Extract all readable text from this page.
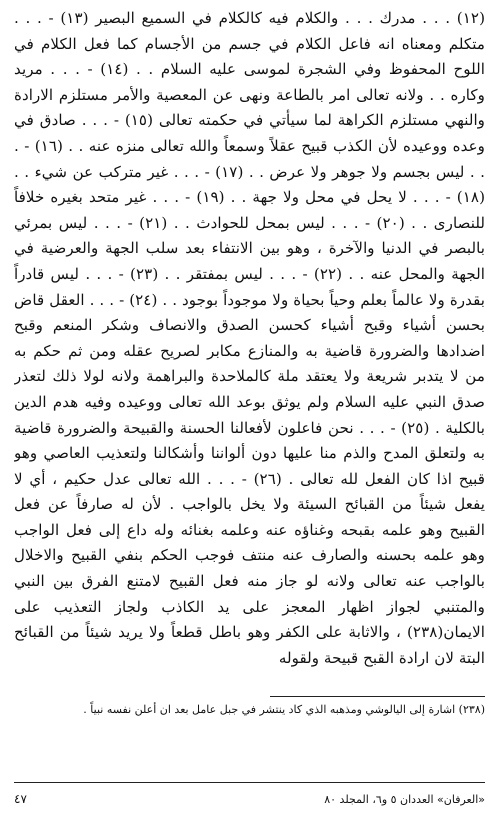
(١٢) . . . مدرك . . . والكلام فيه كالكلام في السميع البصير (١٣) - . . . متكلم ومعناه انه فاعل الكلام في جسم من الأجسام كما فعل الكلام في اللوح المحفوظ وفي الشجرة لموسى عليه السلام . . (١٤) - . . . مريد وكاره . . ولانه تعالى امر بالطاعة ونهى عن المعصية والأمر مستلزم الارادة والنهي مستلزم الكراهة لما سيأتي في حكمته تعالى (١٥) - . . . صادق في وعده ووعيده لأن الكذب قبيح عقلاً وسمعاً والله تعالى منزه عنه . . (١٦) - . . . ليس بجسم ولا جوهر ولا عرض . . (١٧) - . . . غير متركب عن شيء . . (١٨) - . . . لا يحل في محل ولا جهة . . (١٩) - . . . غير متحد بغيره خلافاً للنصارى . . (٢٠) - . . . ليس بمحل للحوادث . . (٢١) - . . . ليس بمرئي بالبصر في الدنيا والآخرة ، وهو بين الانتفاء بعد سلب الجهة والعرضية في الجهة والمحل عنه . . (٢٢) - . . . ليس بمفتقر . . (٢٣) - . . . ليس قادراً بقدرة ولا عالماً بعلم وحياً بحياة ولا موجوداً بوجود . . (٢٤) - . . . العقل قاض بحسن أشياء وقبح أشياء كحسن الصدق والانصاف وشكر المنعم وقبح اضدادها والضرورة قاضية به والمنازع مكابر لصريح عقله ومن ثم حكم به من لا يتدبر شريعة ولا يعتقد ملة كالملاحدة والبراهمة ولانه لولا ذلك لتعذر صدق النبي عليه السلام ولم يوثق بوعد الله تعالى ووعيده وفيه هدم الدين بالكلية . (٢٥) - . . . نحن فاعلون لأفعالنا الحسنة والقبيحة والضرورة قاضية به ولتعلق المدح والذم منا عليها دون ألواننا وأشكالنا ولتعذيب العاصي وهو قبيح اذا كان الفعل لله تعالى . (٢٦) - . . . الله تعالى عدل حكيم ، أي لا يفعل شيئاً من القبائح السيئة ولا يخل بالواجب . لأن له صارفاً عن فعل القبيح وهو علمه بقبحه وغناؤه عنه وعلمه بغنائه وله داع إلى فعل الواجب وهو علمه بحسنه والصارف عنه منتف فوجب الحكم بنفي القبيح والاخلال بالواجب عنه تعالى ولانه لو جاز منه فعل القبيح لامتنع الفرق بين النبي والمتنبي لجواز اظهار المعجز على يد الكاذب ولجاز التعذيب على الايمان(٢٣٨) ، والاثابة على الكفر وهو باطل قطعاً ولا يريد شيئاً من القبائح البتة لان ارادة القبح قبيحة ولقوله

(٢٣٨) اشارة إلى اليالوشي ومذهبه الذي كاد ينتشر في جبل عامل بعد ان أعلن نفسه نبياً .

٤٧	«العرفان» العددان ٥ و٦، المجلد ٨٠
